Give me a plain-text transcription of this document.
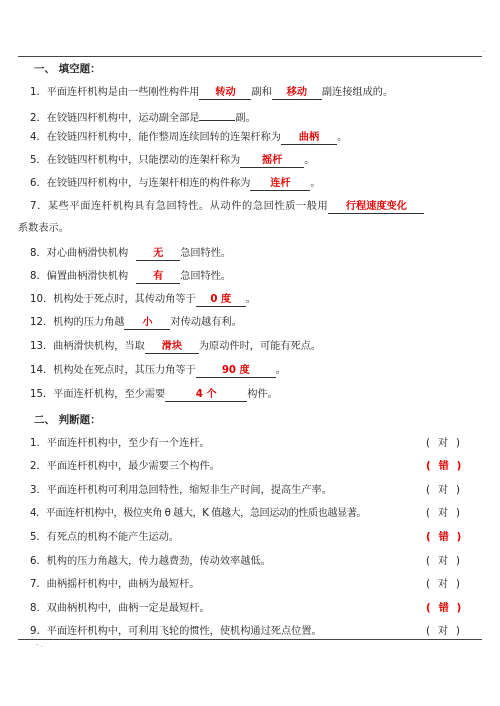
.
一、 填空题：
1．平面连杆机构是由一些刚性构件用 转动 副和 移动 副连接组成的。
2．在铰链四杆机构中，运动副全部是	副。
4．在铰链四杆机构中，能作整周连续回转的连架杆称为 曲柄 。
5．在铰链四杆机构中，只能摆动的连架杆称为 摇杆 。
6．在铰链四杆机构中，与连架杆相连的构件称为 连杆 。
7．某些平面连杆机构具有急回特性。从动件的急回性质一般用 行程速度变化
系数表示。
8．对心曲柄滑快机构 无 急回特性。
8．偏置曲柄滑快机构 有 急回特性。
10．机构处于死点时，其传动角等于 0 度 。
12．机构的压力角越 小 对传动越有利。
13．曲柄滑快机构，当取 滑块 为原动件时，可能有死点。
14．机构处在死点时，其压力角等于	90 度	。
15．平面连杆机构，至少需要	4 个	构件。
二、 判断题：
1．平面连杆机构中，至少有一个连杆。	( 对 )
2．平面连杆机构中，最少需要三个构件。	( 错 )
3．平面连杆机构可利用急回特性，缩短非生产时间，提高生产率。	( 对 )
4．平面连杆机构中，极位夹角 θ 越大，K 值越大，急回运动的性质也越显著。	( 对 )
5．有死点的机构不能产生运动。	( 错 )
6．机构的压力角越大，传力越费劲，传动效率越低。	( 对 )
7．曲柄摇杆机构中，曲柄为最短杆。	( 对 )
8．双曲柄机构中，曲柄一定是最短杆。	( 错 )
9．平面连杆机构中，可利用飞轮的惯性，使机构通过死点位置。	( 对 )
- .
